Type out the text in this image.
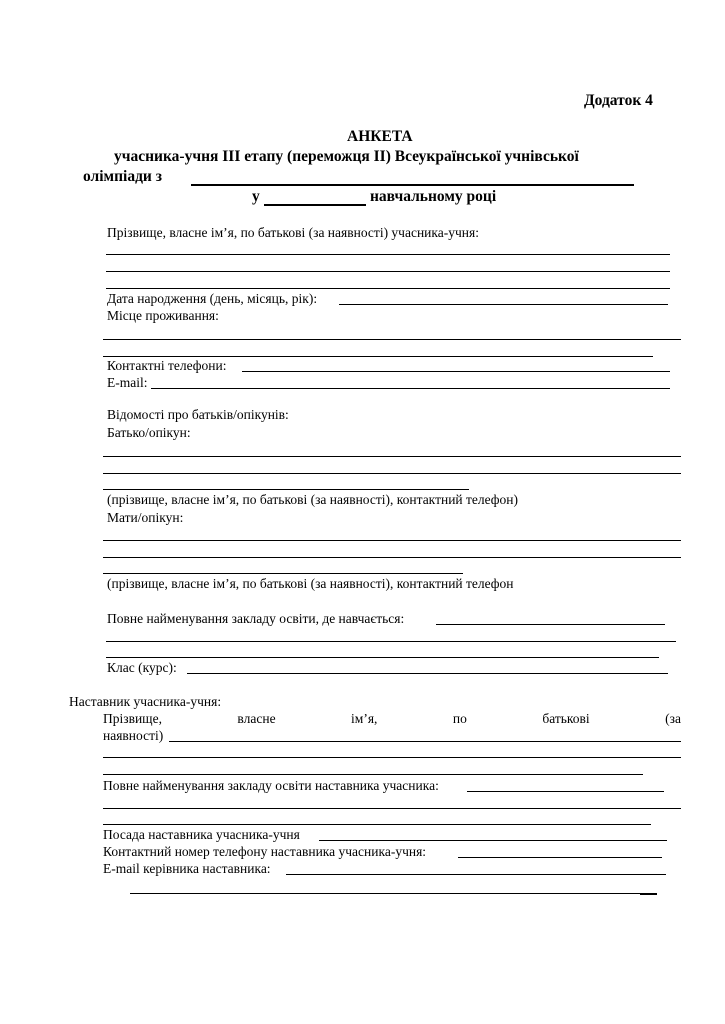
Додаток 4
АНКЕТА
учасника-учня III етапу (переможця ІІ) Всеукраїнської учнівської
олімпіади з
у	навчальному році
Прізвище, власне ім’я, по батькові (за наявності) учасника-учня:
Дата народження (день, місяць, рік):
Місце проживання:
Контактні телефони:
E-mail:
Відомості про батьків/опікунів:
Батько/опікун:
(прізвище, власне ім’я, по батькові (за наявності), контактний телефон)
Мати/опікун:
(прізвище, власне ім’я, по батькові (за наявності), контактний телефон
Повне найменування закладу освіти, де навчається:
Клас (курс):
Наставник учасника-учня:
Прізвище,	власне	ім’я,	по	батькові	(за
наявності)
Повне найменування закладу освіти наставника учасника:
Посада наставника учасника-учня
Контактний номер телефону наставника учасника-учня:
E-mail керівника наставника:
